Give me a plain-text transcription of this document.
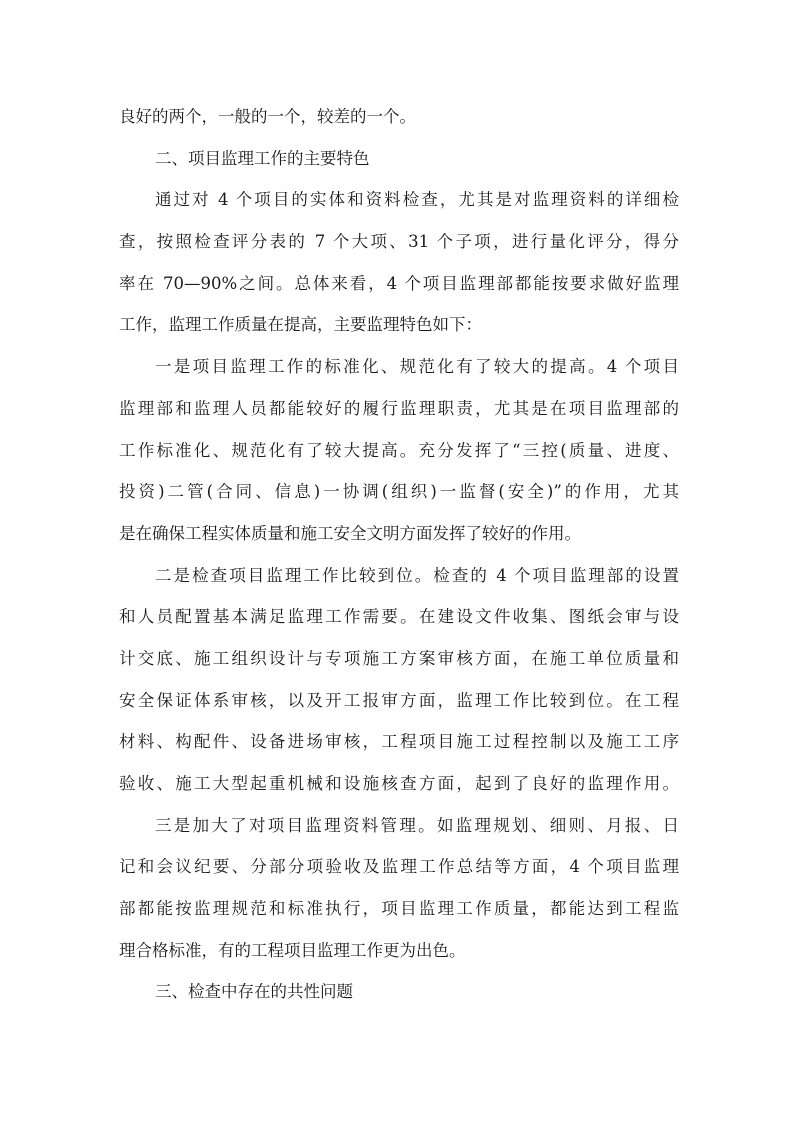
良好的两个，一般的一个，较差的一个。
二、项目监理工作的主要特色
通过对 4 个项目的实体和资料检查，尤其是对监理资料的详细检
查，按照检查评分表的 7 个大项、31 个子项，进行量化评分，得分
率在 70—90%之间。总体来看，4 个项目监理部都能按要求做好监理
工作，监理工作质量在提高，主要监理特色如下：
一是项目监理工作的标准化、规范化有了较大的提高。4 个项目
监理部和监理人员都能较好的履行监理职责，尤其是在项目监理部的
工作标准化、规范化有了较大提高。充分发挥了“三控(质量、进度、
投资)二管(合同、信息)一协调(组织)一监督(安全)”的作用，尤其
是在确保工程实体质量和施工安全文明方面发挥了较好的作用。
二是检查项目监理工作比较到位。检查的 4 个项目监理部的设置
和人员配置基本满足监理工作需要。在建设文件收集、图纸会审与设
计交底、施工组织设计与专项施工方案审核方面，在施工单位质量和
安全保证体系审核，以及开工报审方面，监理工作比较到位。在工程
材料、构配件、设备进场审核，工程项目施工过程控制以及施工工序
验收、施工大型起重机械和设施核查方面，起到了良好的监理作用。
三是加大了对项目监理资料管理。如监理规划、细则、月报、日
记和会议纪要、分部分项验收及监理工作总结等方面，4 个项目监理
部都能按监理规范和标准执行，项目监理工作质量，都能达到工程监
理合格标准，有的工程项目监理工作更为出色。
三、检查中存在的共性问题
